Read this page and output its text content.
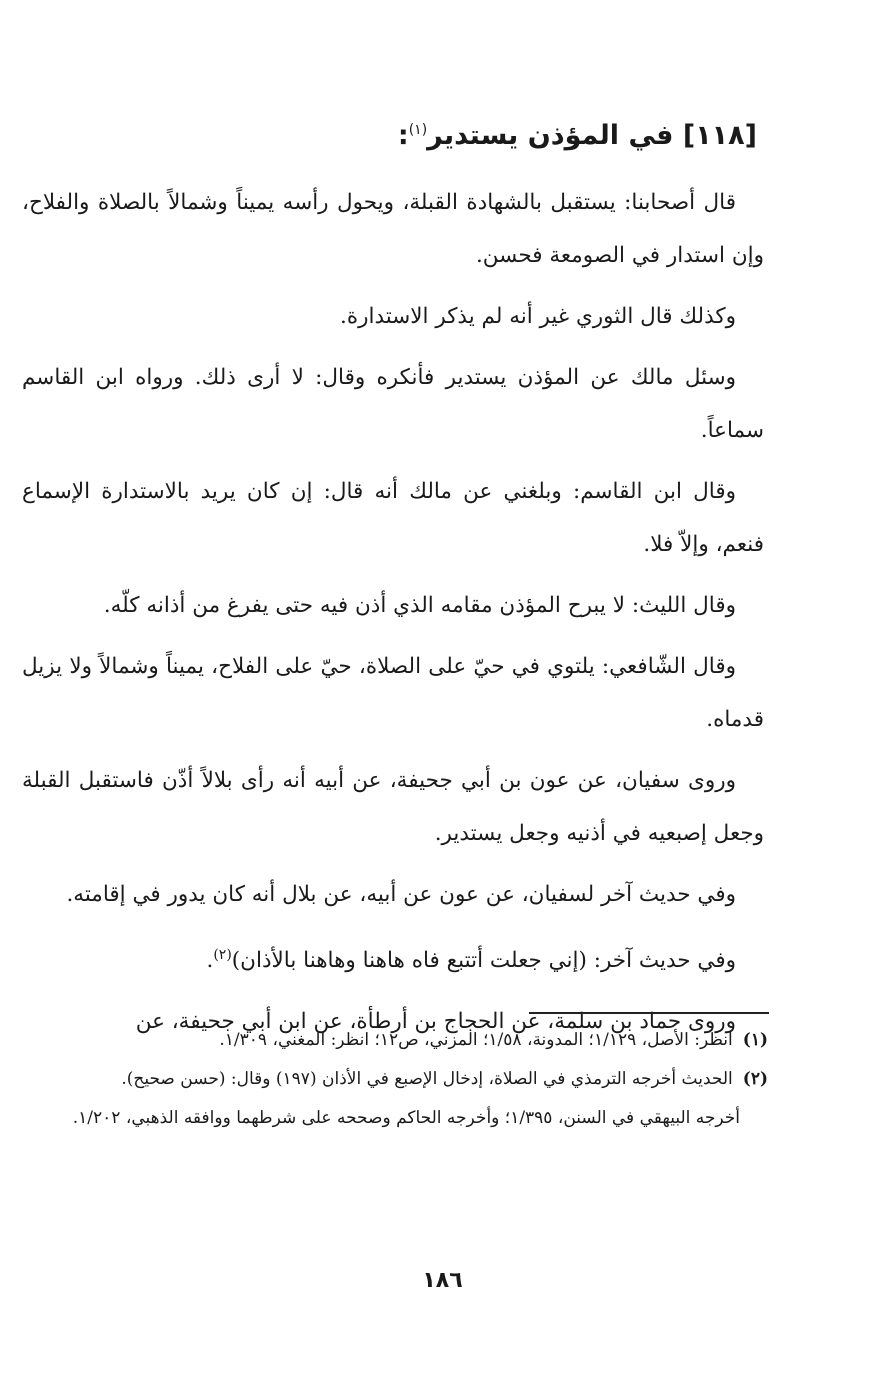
[١١٨] في المؤذن يستدير$^{(١)}$:

قال أصحابنا: يستقبل بالشهادة القبلة، ويحول رأسه يميناً وشمالاً بالصلاة والفلاح، وإن استدار في الصومعة فحسن.

وكذلك قال الثوري غير أنه لم يذكر الاستدارة.

وسئل مالك عن المؤذن يستدير فأنكره وقال: لا أرى ذلك. ورواه ابن القاسم سماعاً.

وقال ابن القاسم: وبلغني عن مالك أنه قال: إن كان يريد بالاستدارة الإسماع فنعم، وإلاّ فلا.

وقال الليث: لا يبرح المؤذن مقامه الذي أذن فيه حتى يفرغ من أذانه كلّه.

وقال الشّافعي: يلتوي في حيّ على الصلاة، حيّ على الفلاح، يميناً وشمالاً ولا يزيل قدماه.

وروى سفيان، عن عون بن أبي جحيفة، عن أبيه أنه رأى بلالاً أذّن فاستقبل القبلة وجعل إصبعيه في أذنيه وجعل يستدير.

وفي حديث آخر لسفيان، عن عون عن أبيه، عن بلال أنه كان يدور في إقامته.

وفي حديث آخر: (إني جعلت أتتبع فاه هاهنا وهاهنا بالأذان)$^{(٢)}$.

وروى حماد بن سلمة، عن الحجاج بن أرطأة، عن ابن أبي جحيفة، عن

(١)انظر: الأصل، ١/١٢٩؛ المدونة، ١/٥٨؛ المزني، ص١٢؛ انظر: المغني، ١/٣٠٩.

(٢)الحديث أخرجه الترمذي في الصلاة، إدخال الإصبع في الأذان (١٩٧) وقال: (حسن صحيح).

أخرجه البيهقي في السنن، ١/٣٩٥؛ وأخرجه الحاكم وصححه على شرطهما ووافقه الذهبي، ١/٢٠٢.

١٨٦
